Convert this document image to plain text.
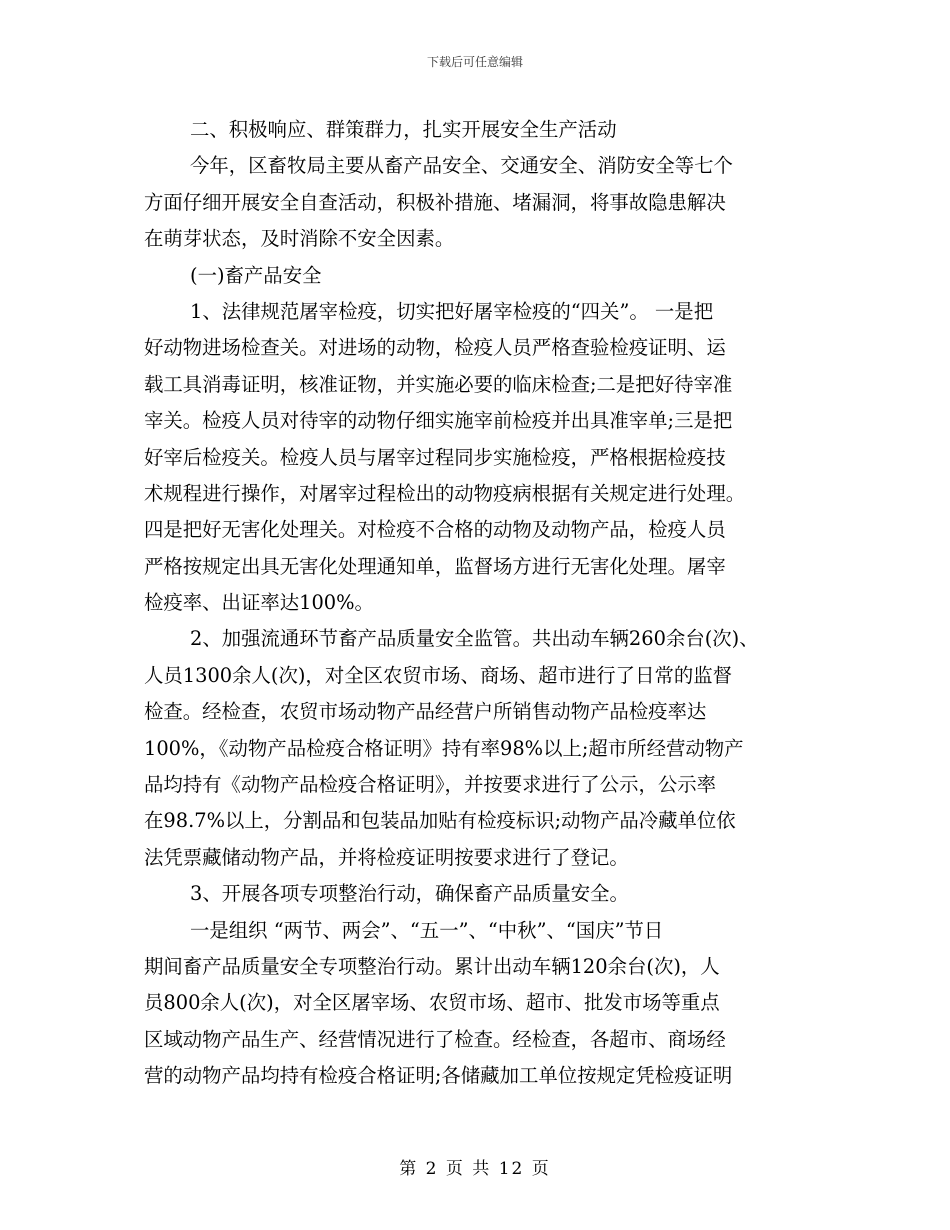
下载后可任意编辑
二、积极响应、群策群力，扎实开展安全生产活动
今年，区畜牧局主要从畜产品安全、交通安全、消防安全等七个
方面仔细开展安全自查活动，积极补措施、堵漏洞，将事故隐患解决
在萌芽状态，及时消除不安全因素。
(一)畜产品安全
1、法律规范屠宰检疫，切实把好屠宰检疫的“四关”。 一是把
好动物进场检查关。对进场的动物，检疫人员严格查验检疫证明、运
载工具消毒证明，核准证物，并实施必要的临床检查;二是把好待宰准
宰关。检疫人员对待宰的动物仔细实施宰前检疫并出具准宰单;三是把
好宰后检疫关。检疫人员与屠宰过程同步实施检疫，严格根据检疫技
术规程进行操作，对屠宰过程检出的动物疫病根据有关规定进行处理。
四是把好无害化处理关。对检疫不合格的动物及动物产品，检疫人员
严格按规定出具无害化处理通知单，监督场方进行无害化处理。屠宰
检疫率、出证率达100%。
2、加强流通环节畜产品质量安全监管。共出动车辆260余台(次)、
人员1300余人(次)，对全区农贸市场、商场、超市进行了日常的监督
检查。经检查，农贸市场动物产品经营户所销售动物产品检疫率达
100%，《动物产品检疫合格证明》持有率98%以上;超市所经营动物产
品均持有《动物产品检疫合格证明》，并按要求进行了公示，公示率
在98.7%以上，分割品和包装品加贴有检疫标识;动物产品冷藏单位依
法凭票藏储动物产品，并将检疫证明按要求进行了登记。
3、开展各项专项整治行动，确保畜产品质量安全。
一是组织 “两节、两会”、“五一”、“中秋”、“国庆”节日
期间畜产品质量安全专项整治行动。累计出动车辆120余台(次)，人
员800余人(次)，对全区屠宰场、农贸市场、超市、批发市场等重点
区域动物产品生产、经营情况进行了检查。经检查，各超市、商场经
营的动物产品均持有检疫合格证明;各储藏加工单位按规定凭检疫证明
第 2 页 共 12 页
